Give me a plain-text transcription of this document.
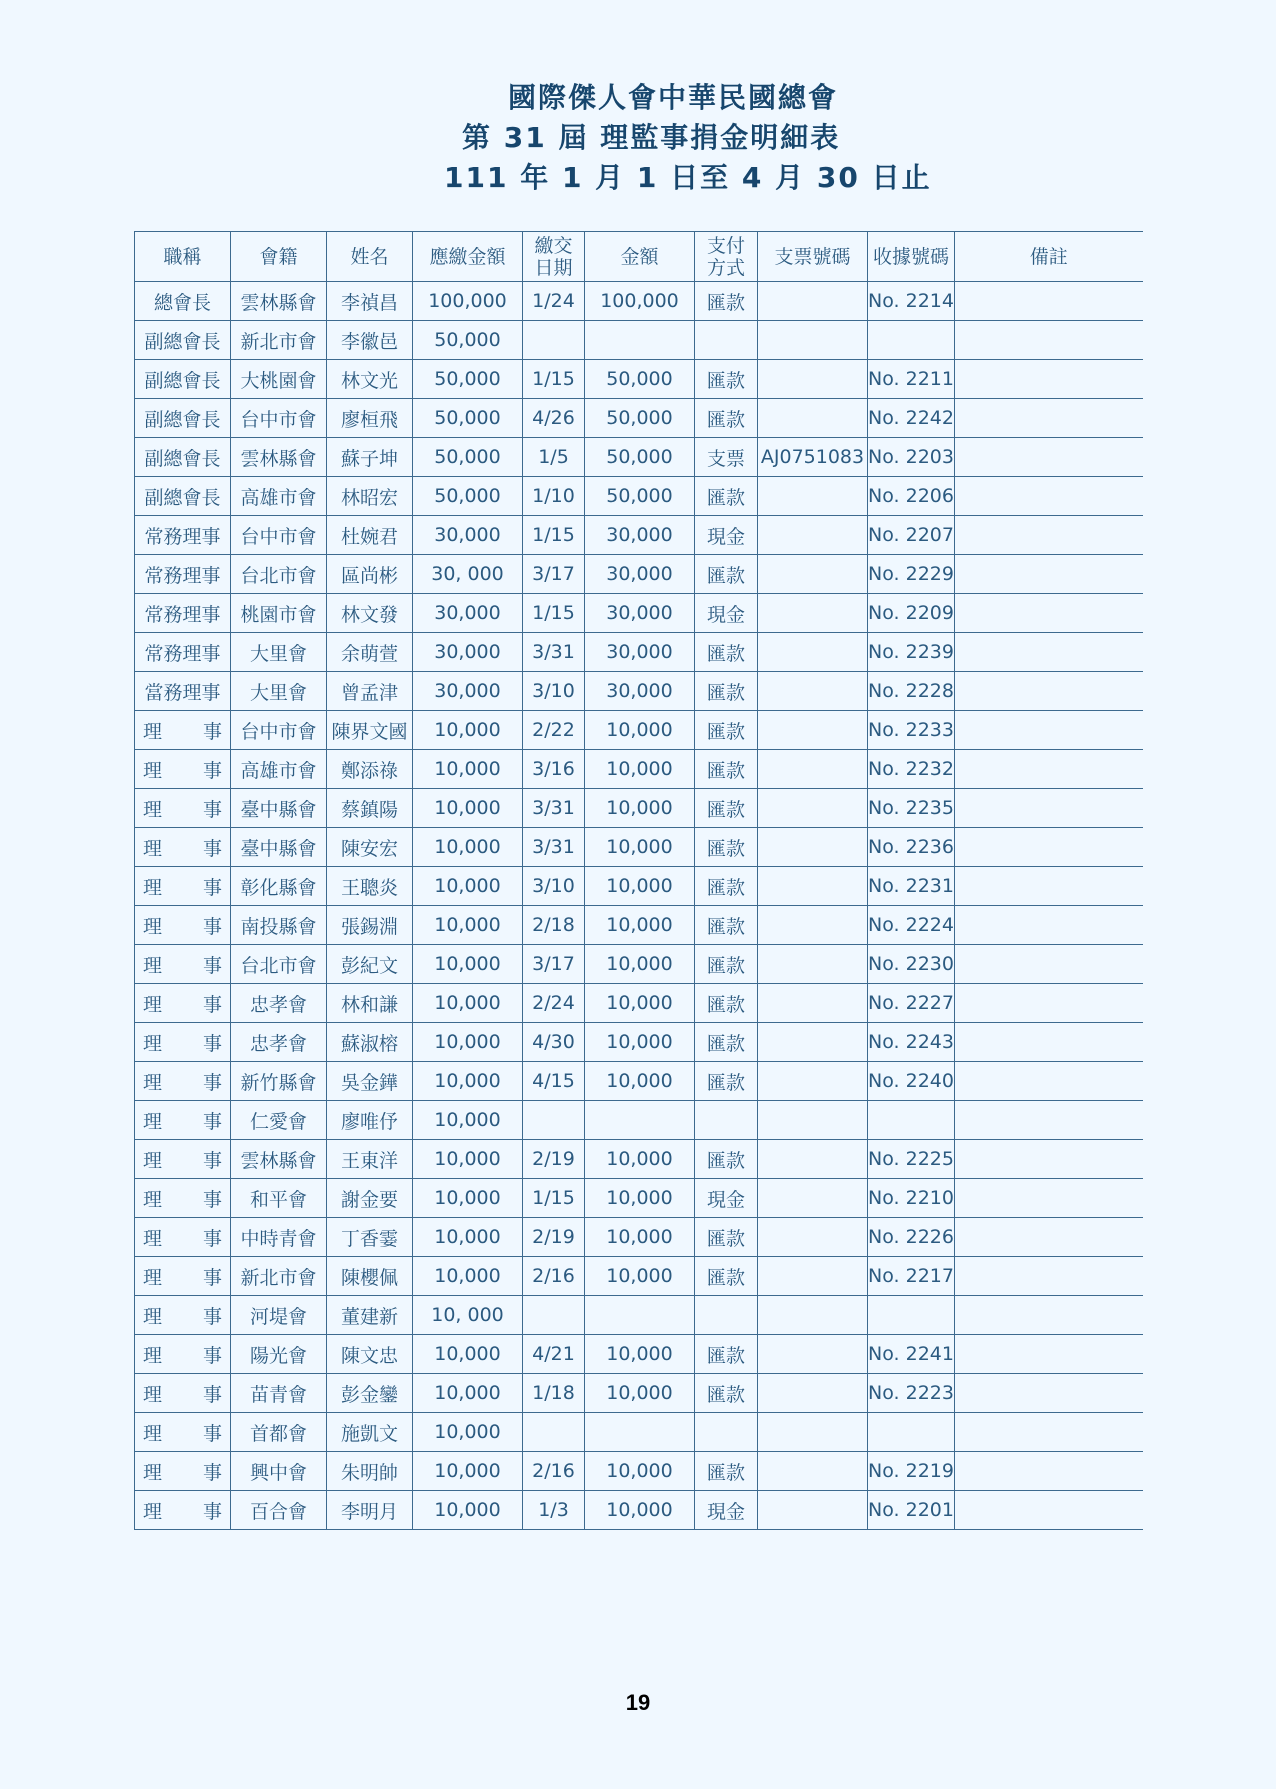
國際傑人會中華民國總會
第 31 屆 理監事捐金明細表
111 年 1 月 1 日至 4 月 30 日止
職稱	會籍	姓名	應繳金額	繳交日期	金額	支付方式	支票號碼	收據號碼	備註

總會長	雲林縣會	李禎昌	100,000	1/24	100,000	匯款		No. 2214	

副總會長	新北市會	李徽邑	50,000						

副總會長	大桃園會	林文光	50,000	1/15	50,000	匯款		No. 2211	

副總會長	台中市會	廖桓飛	50,000	4/26	50,000	匯款		No. 2242	

副總會長	雲林縣會	蘇子坤	50,000	1/5	50,000	支票	AJ0751083	No. 2203	

副總會長	高雄市會	林昭宏	50,000	1/10	50,000	匯款		No. 2206	

常務理事	台中市會	杜婉君	30,000	1/15	30,000	現金		No. 2207	

常務理事	台北市會	區尚彬	30, 000	3/17	30,000	匯款		No. 2229	

常務理事	桃園市會	林文發	30,000	1/15	30,000	現金		No. 2209	

常務理事	大里會	余萌萱	30,000	3/31	30,000	匯款		No. 2239	

當務理事	大里會	曾孟津	30,000	3/10	30,000	匯款		No. 2228	

理 事	台中市會	陳界文國	10,000	2/22	10,000	匯款		No. 2233	

理 事	高雄市會	鄭添祿	10,000	3/16	10,000	匯款		No. 2232	

理 事	臺中縣會	蔡鎮陽	10,000	3/31	10,000	匯款		No. 2235	

理 事	臺中縣會	陳安宏	10,000	3/31	10,000	匯款		No. 2236	

理 事	彰化縣會	王聰炎	10,000	3/10	10,000	匯款		No. 2231	

理 事	南投縣會	張錫淵	10,000	2/18	10,000	匯款		No. 2224	

理 事	台北市會	彭紀文	10,000	3/17	10,000	匯款		No. 2230	

理 事	忠孝會	林和謙	10,000	2/24	10,000	匯款		No. 2227	

理 事	忠孝會	蘇淑榕	10,000	4/30	10,000	匯款		No. 2243	

理 事	新竹縣會	吳金鏵	10,000	4/15	10,000	匯款		No. 2240	

理 事	仁愛會	廖唯伃	10,000						

理 事	雲林縣會	王東洋	10,000	2/19	10,000	匯款		No. 2225	

理 事	和平會	謝金要	10,000	1/15	10,000	現金		No. 2210	

理 事	中時青會	丁香霎	10,000	2/19	10,000	匯款		No. 2226	

理 事	新北市會	陳櫻佩	10,000	2/16	10,000	匯款		No. 2217	

理 事	河堤會	董建新	10, 000						

理 事	陽光會	陳文忠	10,000	4/21	10,000	匯款		No. 2241	

理 事	苗青會	彭金鑾	10,000	1/18	10,000	匯款		No. 2223	

理 事	首都會	施凱文	10,000						

理 事	興中會	朱明帥	10,000	2/16	10,000	匯款		No. 2219	

理 事	百合會	李明月	10,000	1/3	10,000	現金		No. 2201	
19
